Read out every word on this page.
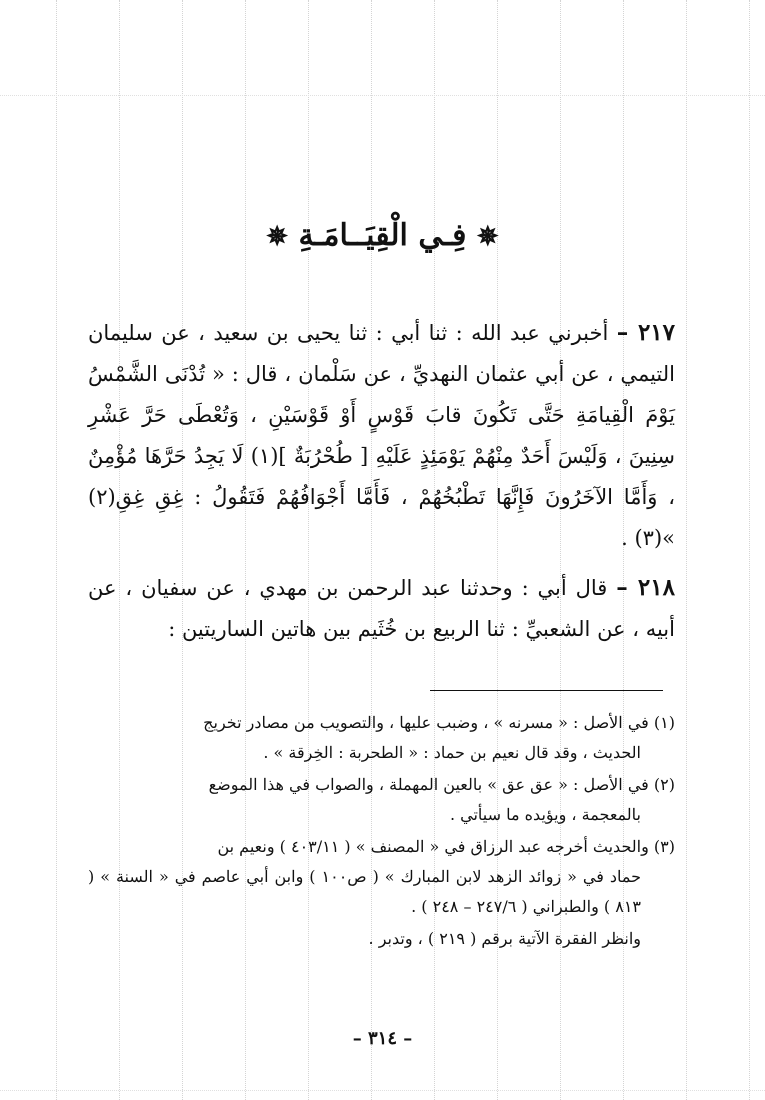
✵ فِـي الْقِيَــامَـةِ ✵

٢١٧ – أخبرني عبد الله : ثنا أبي : ثنا يحيى بن سعيد ، عن سليمان التيمي ، عن أبي عثمان النهديِّ ، عن سَلْمان ، قال : « تُدْنَى الشَّمْسُ يَوْمَ الْقِيامَةِ حَتَّى تَكُونَ قابَ قَوْسٍ أَوْ قَوْسَيْنِ ، وَتُعْطَى حَرَّ عَشْرِ سِنِينَ ، وَلَيْسَ أَحَدٌ مِنْهُمْ يَوْمَئِذٍ عَلَيْهِ [ طُحْرُبَةٌ ](١) لَا يَجِدُ حَرَّهَا مُؤْمِنٌ ، وَأَمَّا الآخَرُونَ فَإِنَّهَا تَطْبُخُهُمْ ، فَأَمَّا أَجْوَافُهُمْ فَتَقُولُ : غِقِ غِقِ(٢) »(٣) .

٢١٨ – قال أبي : وحدثنا عبد الرحمن بن مهدي ، عن سفيان ، عن أبيه ، عن الشعبيِّ : ثنا الربيع بن خُثَيم بين هاتين الساريتين :

(١) في الأصل : « مسرنه » ، وضبب عليها ، والتصويب من مصادر تخريج
الحديث ، وقد قال نعيم بن حماد : « الطحربة : الخِرقة » .

(٢) في الأصل : « عق عق » بالعين المهملة ، والصواب في هذا الموضع
بالمعجمة ، ويؤيده ما سيأتي .

(٣) والحديث أخرجه عبد الرزاق في « المصنف » ( ٤٠٣/١١ ) ونعيم بن
حماد في « زوائد الزهد لابن المبارك » ( ص١٠٠ ) وابن أبي عاصم في « السنة » ( ٨١٣ ) والطبراني ( ٢٤٧/٦ – ٢٤٨ ) .

وانظر الفقرة الآتية برقم ( ٢١٩ ) ، وتدبر .

– ٣١٤ –
